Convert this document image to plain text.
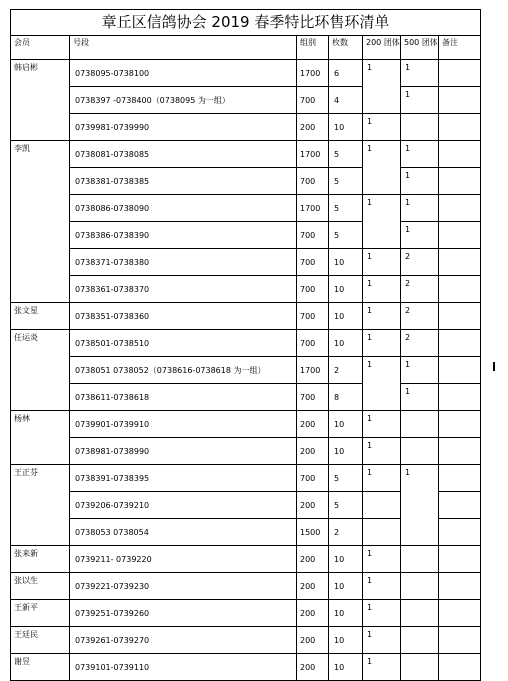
章丘区信鸽协会 2019 春季特比环售环清单						
会员	号段	组别	枚数	200 团体	500 团体	备注
韩启彬	0738095-0738100	1700	6	1	1	
	0738397 -0738400（0738095 为一组）	700	4		1	
	0739981-0739990	200	10	1		
李凯	0738081-0738085	1700	5	1	1	
	0738381-0738385	700	5		1	
	0738086-0738090	1700	5	1	1	
	0738386-0738390	700	5		1	
	0738371-0738380	700	10	1	2	
	0738361-0738370	700	10	1	2	
张文星	0738351-0738360	700	10	1	2	
任运炎	0738501-0738510	700	10	1	2	
	0738051 0738052（0738616-0738618 为一组）	1700	2	1	1	
	0738611-0738618	700	8		1	
杨林	0739901-0739910	200	10	1		
	0738981-0738990	200	10	1		
王正芬	0738391-0738395	700	5	1	1	
	0739206-0739210	200	5			
	0738053 0738054	1500	2			
张来新	0739211- 0739220	200	10	1		
张以生	0739221-0739230	200	10	1		
王新平	0739251-0739260	200	10	1		
王廷民	0739261-0739270	200	10	1		
谢昱	0739101-0739110	200	10	1		
